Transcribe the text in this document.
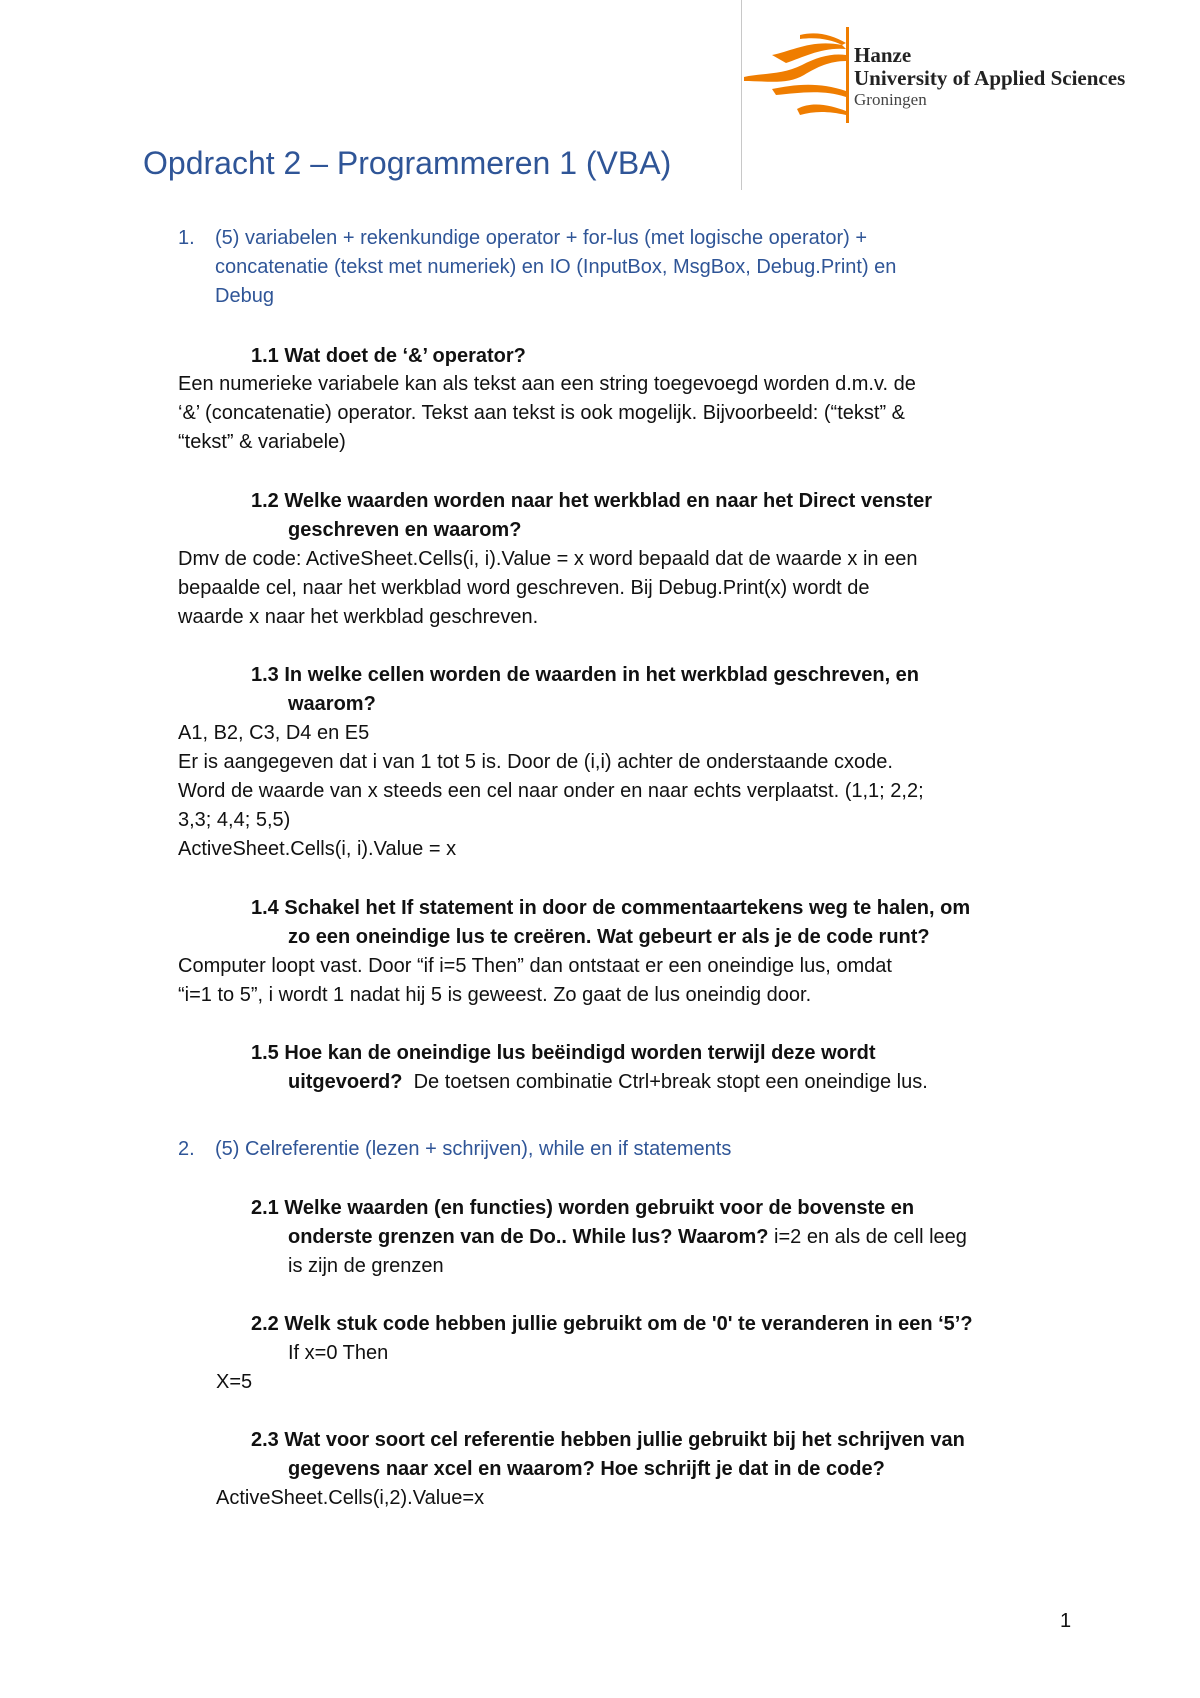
Hanze
University of Applied Sciences
Groningen
Opdracht 2 – Programmeren 1 (VBA)
1. (5) variabelen + rekenkundige operator + for-lus (met logische operator) +
concatenatie (tekst met numeriek) en IO (InputBox, MsgBox, Debug.Print) en
Debug
1.1 Wat doet de ‘&’ operator?
Een numerieke variabele kan als tekst aan een string toegevoegd worden d.m.v. de
‘&’ (concatenatie) operator. Tekst aan tekst is ook mogelijk. Bijvoorbeeld: (“tekst” &
“tekst” & variabele)
1.2 Welke waarden worden naar het werkblad en naar het Direct venster
geschreven en waarom?
Dmv de code: ActiveSheet.Cells(i, i).Value = x word bepaald dat de waarde x in een
bepaalde cel, naar het werkblad word geschreven. Bij Debug.Print(x) wordt de
waarde x naar het werkblad geschreven.
1.3 In welke cellen worden de waarden in het werkblad geschreven, en
waarom?
A1, B2, C3, D4 en E5
Er is aangegeven dat i van 1 tot 5 is. Door de (i,i) achter de onderstaande cxode.
Word de waarde van x steeds een cel naar onder en naar echts verplaatst. (1,1; 2,2;
3,3; 4,4; 5,5)
ActiveSheet.Cells(i, i).Value = x
1.4 Schakel het If statement in door de commentaartekens weg te halen, om
zo een oneindige lus te creëren. Wat gebeurt er als je de code runt?
Computer loopt vast. Door “if i=5 Then” dan ontstaat er een oneindige lus, omdat
“i=1 to 5”, i wordt 1 nadat hij 5 is geweest. Zo gaat de lus oneindig door.
1.5 Hoe kan de oneindige lus beëindigd worden terwijl deze wordt
uitgevoerd? De toetsen combinatie Ctrl+break stopt een oneindige lus.
2. (5) Celreferentie (lezen + schrijven), while en if statements
2.1 Welke waarden (en functies) worden gebruikt voor de bovenste en
onderste grenzen van de Do.. While lus? Waarom? i=2 en als de cell leeg
is zijn de grenzen
2.2 Welk stuk code hebben jullie gebruikt om de '0' te veranderen in een ‘5’?
If x=0 Then
X=5
2.3 Wat voor soort cel referentie hebben jullie gebruikt bij het schrijven van
gegevens naar xcel en waarom? Hoe schrijft je dat in de code?
ActiveSheet.Cells(i,2).Value=x
1
